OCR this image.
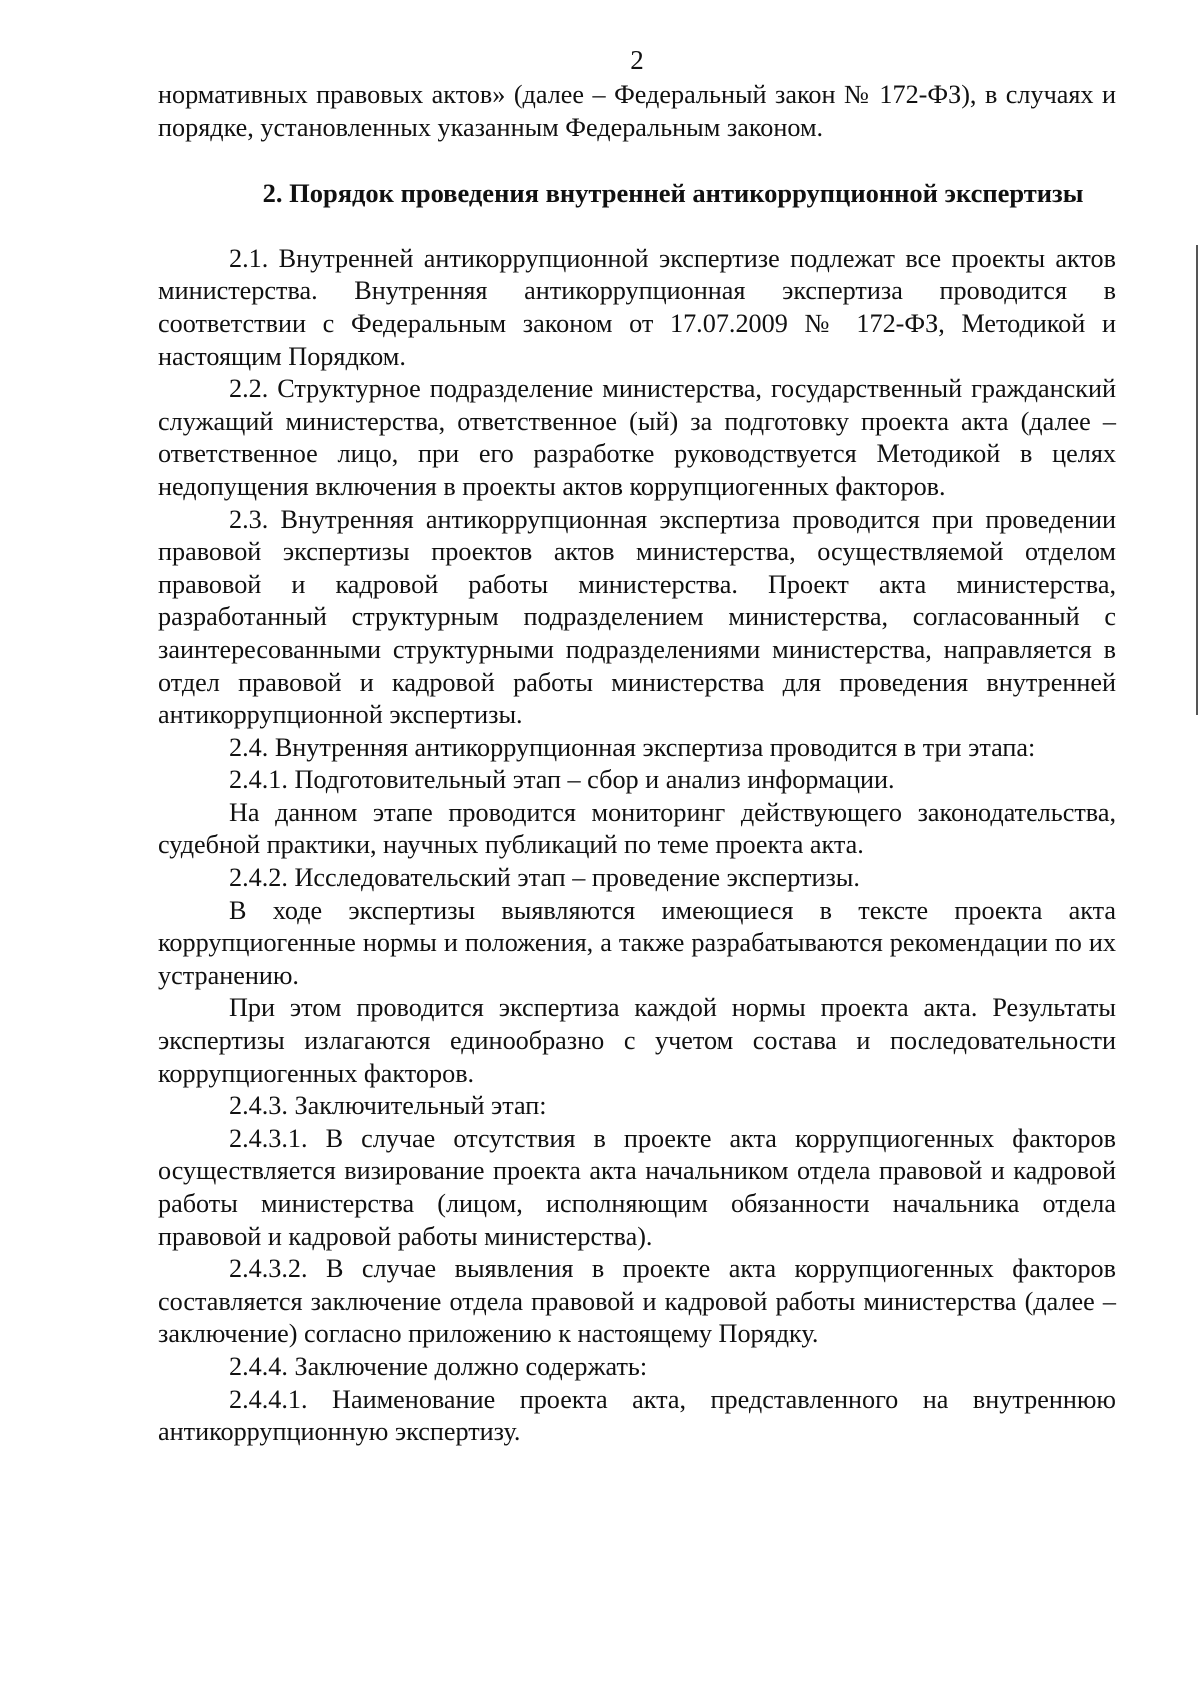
2

нормативных правовых актов» (далее – Федеральный закон № 172-ФЗ), в случаях и порядке, установленных указанным Федеральным законом.

2. Порядок проведения внутренней антикоррупционной экспертизы

2.1. Внутренней антикоррупционной экспертизе подлежат все проекты актов министерства. Внутренняя антикоррупционная экспертиза проводится в соответствии с Федеральным законом от 17.07.2009 № 172-ФЗ, Методикой и настоящим Порядком.

2.2. Структурное подразделение министерства, государственный гражданский служащий министерства, ответственное (ый) за подготовку проекта акта (далее – ответственное лицо, при его разработке руководствуется Методикой в целях недопущения включения в проекты актов коррупциогенных факторов.

2.3. Внутренняя антикоррупционная экспертиза проводится при проведении правовой экспертизы проектов актов министерства, осуществляемой отделом правовой и кадровой работы министерства. Проект акта министерства, разработанный структурным подразделением министерства, согласованный с заинтересованными структурными подразделениями министерства, направляется в отдел правовой и кадровой работы министерства для проведения внутренней антикоррупционной экспертизы.

2.4. Внутренняя антикоррупционная экспертиза проводится в три этапа:

2.4.1. Подготовительный этап – сбор и анализ информации.

На данном этапе проводится мониторинг действующего законодательства, судебной практики, научных публикаций по теме проекта акта.

2.4.2. Исследовательский этап – проведение экспертизы.

В ходе экспертизы выявляются имеющиеся в тексте проекта акта коррупциогенные нормы и положения, а также разрабатываются рекомендации по их устранению.

При этом проводится экспертиза каждой нормы проекта акта. Результаты экспертизы излагаются единообразно с учетом состава и последовательности коррупциогенных факторов.

2.4.3. Заключительный этап:

2.4.3.1. В случае отсутствия в проекте акта коррупциогенных факторов осуществляется визирование проекта акта начальником отдела правовой и кадровой работы министерства (лицом, исполняющим обязанности начальника отдела правовой и кадровой работы министерства).

2.4.3.2. В случае выявления в проекте акта коррупциогенных факторов составляется заключение отдела правовой и кадровой работы министерства (далее – заключение) согласно приложению к настоящему Порядку.

2.4.4. Заключение должно содержать:

2.4.4.1. Наименование проекта акта, представленного на внутреннюю антикоррупционную экспертизу.
